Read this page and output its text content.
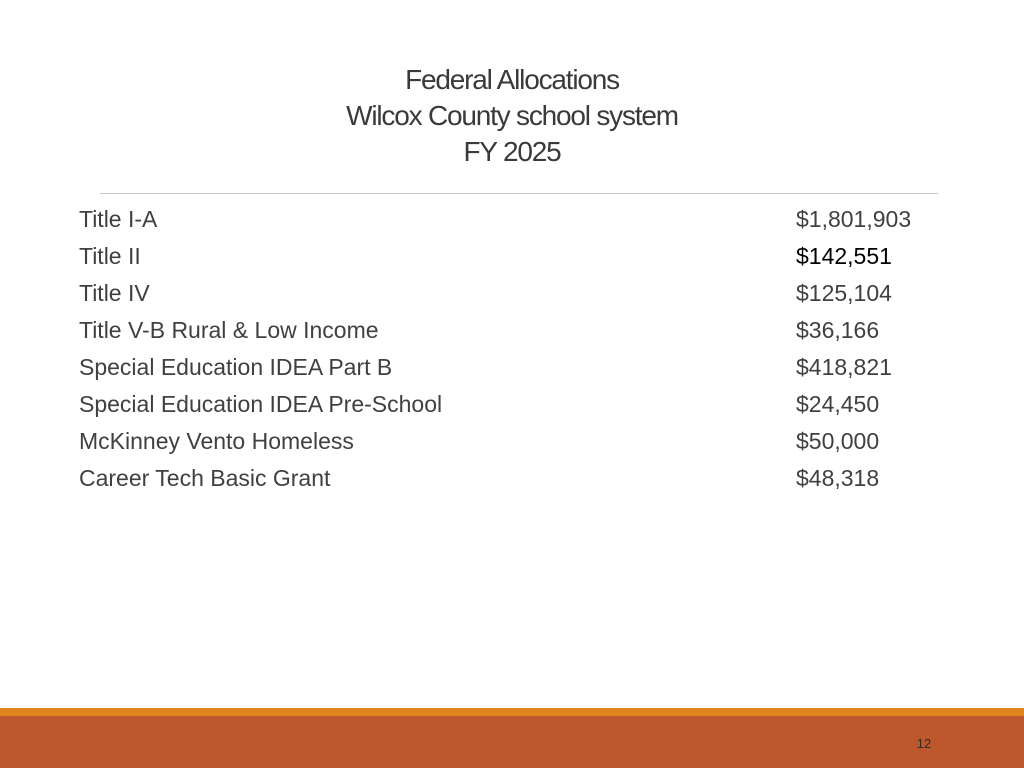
Federal Allocations
Wilcox County school system
FY 2025
Title I-A	$1,801,903
Title II	$142,551
Title IV	$125,104
Title V-B Rural & Low Income	$36,166
Special Education IDEA Part B	$418,821
Special Education IDEA Pre-School	$24,450
McKinney Vento Homeless	$50,000
Career Tech Basic Grant	$48,318
12
